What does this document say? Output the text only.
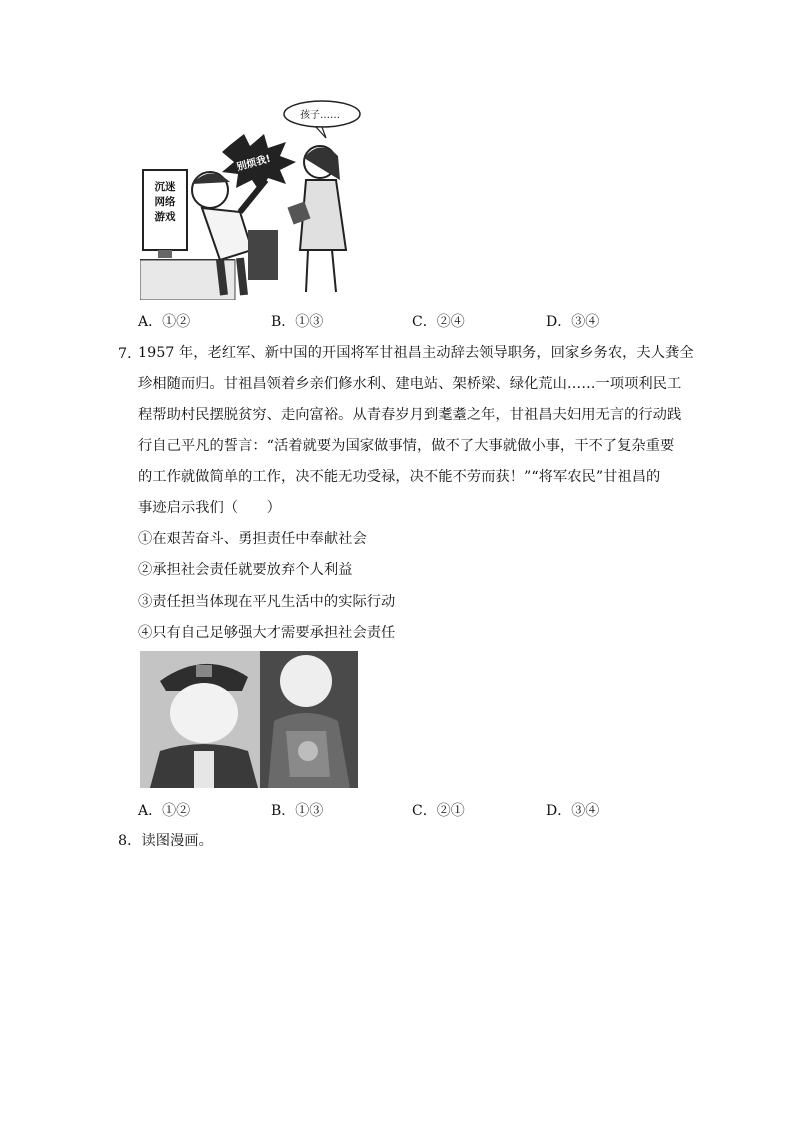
孩子……
别烦我!
沉迷
网络
游戏
A．①②	B．①③	C．②④	D．③④
7．
1957 年，老红军、新中国的开国将军甘祖昌主动辞去领导职务，回家乡务农，夫人龚全
珍相随而归。甘祖昌领着乡亲们修水利、建电站、架桥梁、绿化荒山……一项项利民工
程帮助村民摆脱贫穷、走向富裕。从青春岁月到耄耋之年，甘祖昌夫妇用无言的行动践
行自己平凡的誓言：“活着就要为国家做事情，做不了大事就做小事，干不了复杂重要
的工作就做简单的工作，决不能无功受禄，决不能不劳而获！”“将军农民”甘祖昌的
事迹启示我们（　　）
①在艰苦奋斗、勇担责任中奉献社会
②承担社会责任就要放弃个人利益
③责任担当体现在平凡生活中的实际行动
④只有自己足够强大才需要承担社会责任
A．①②	B．①③	C．②①	D．③④
8．读图漫画。
